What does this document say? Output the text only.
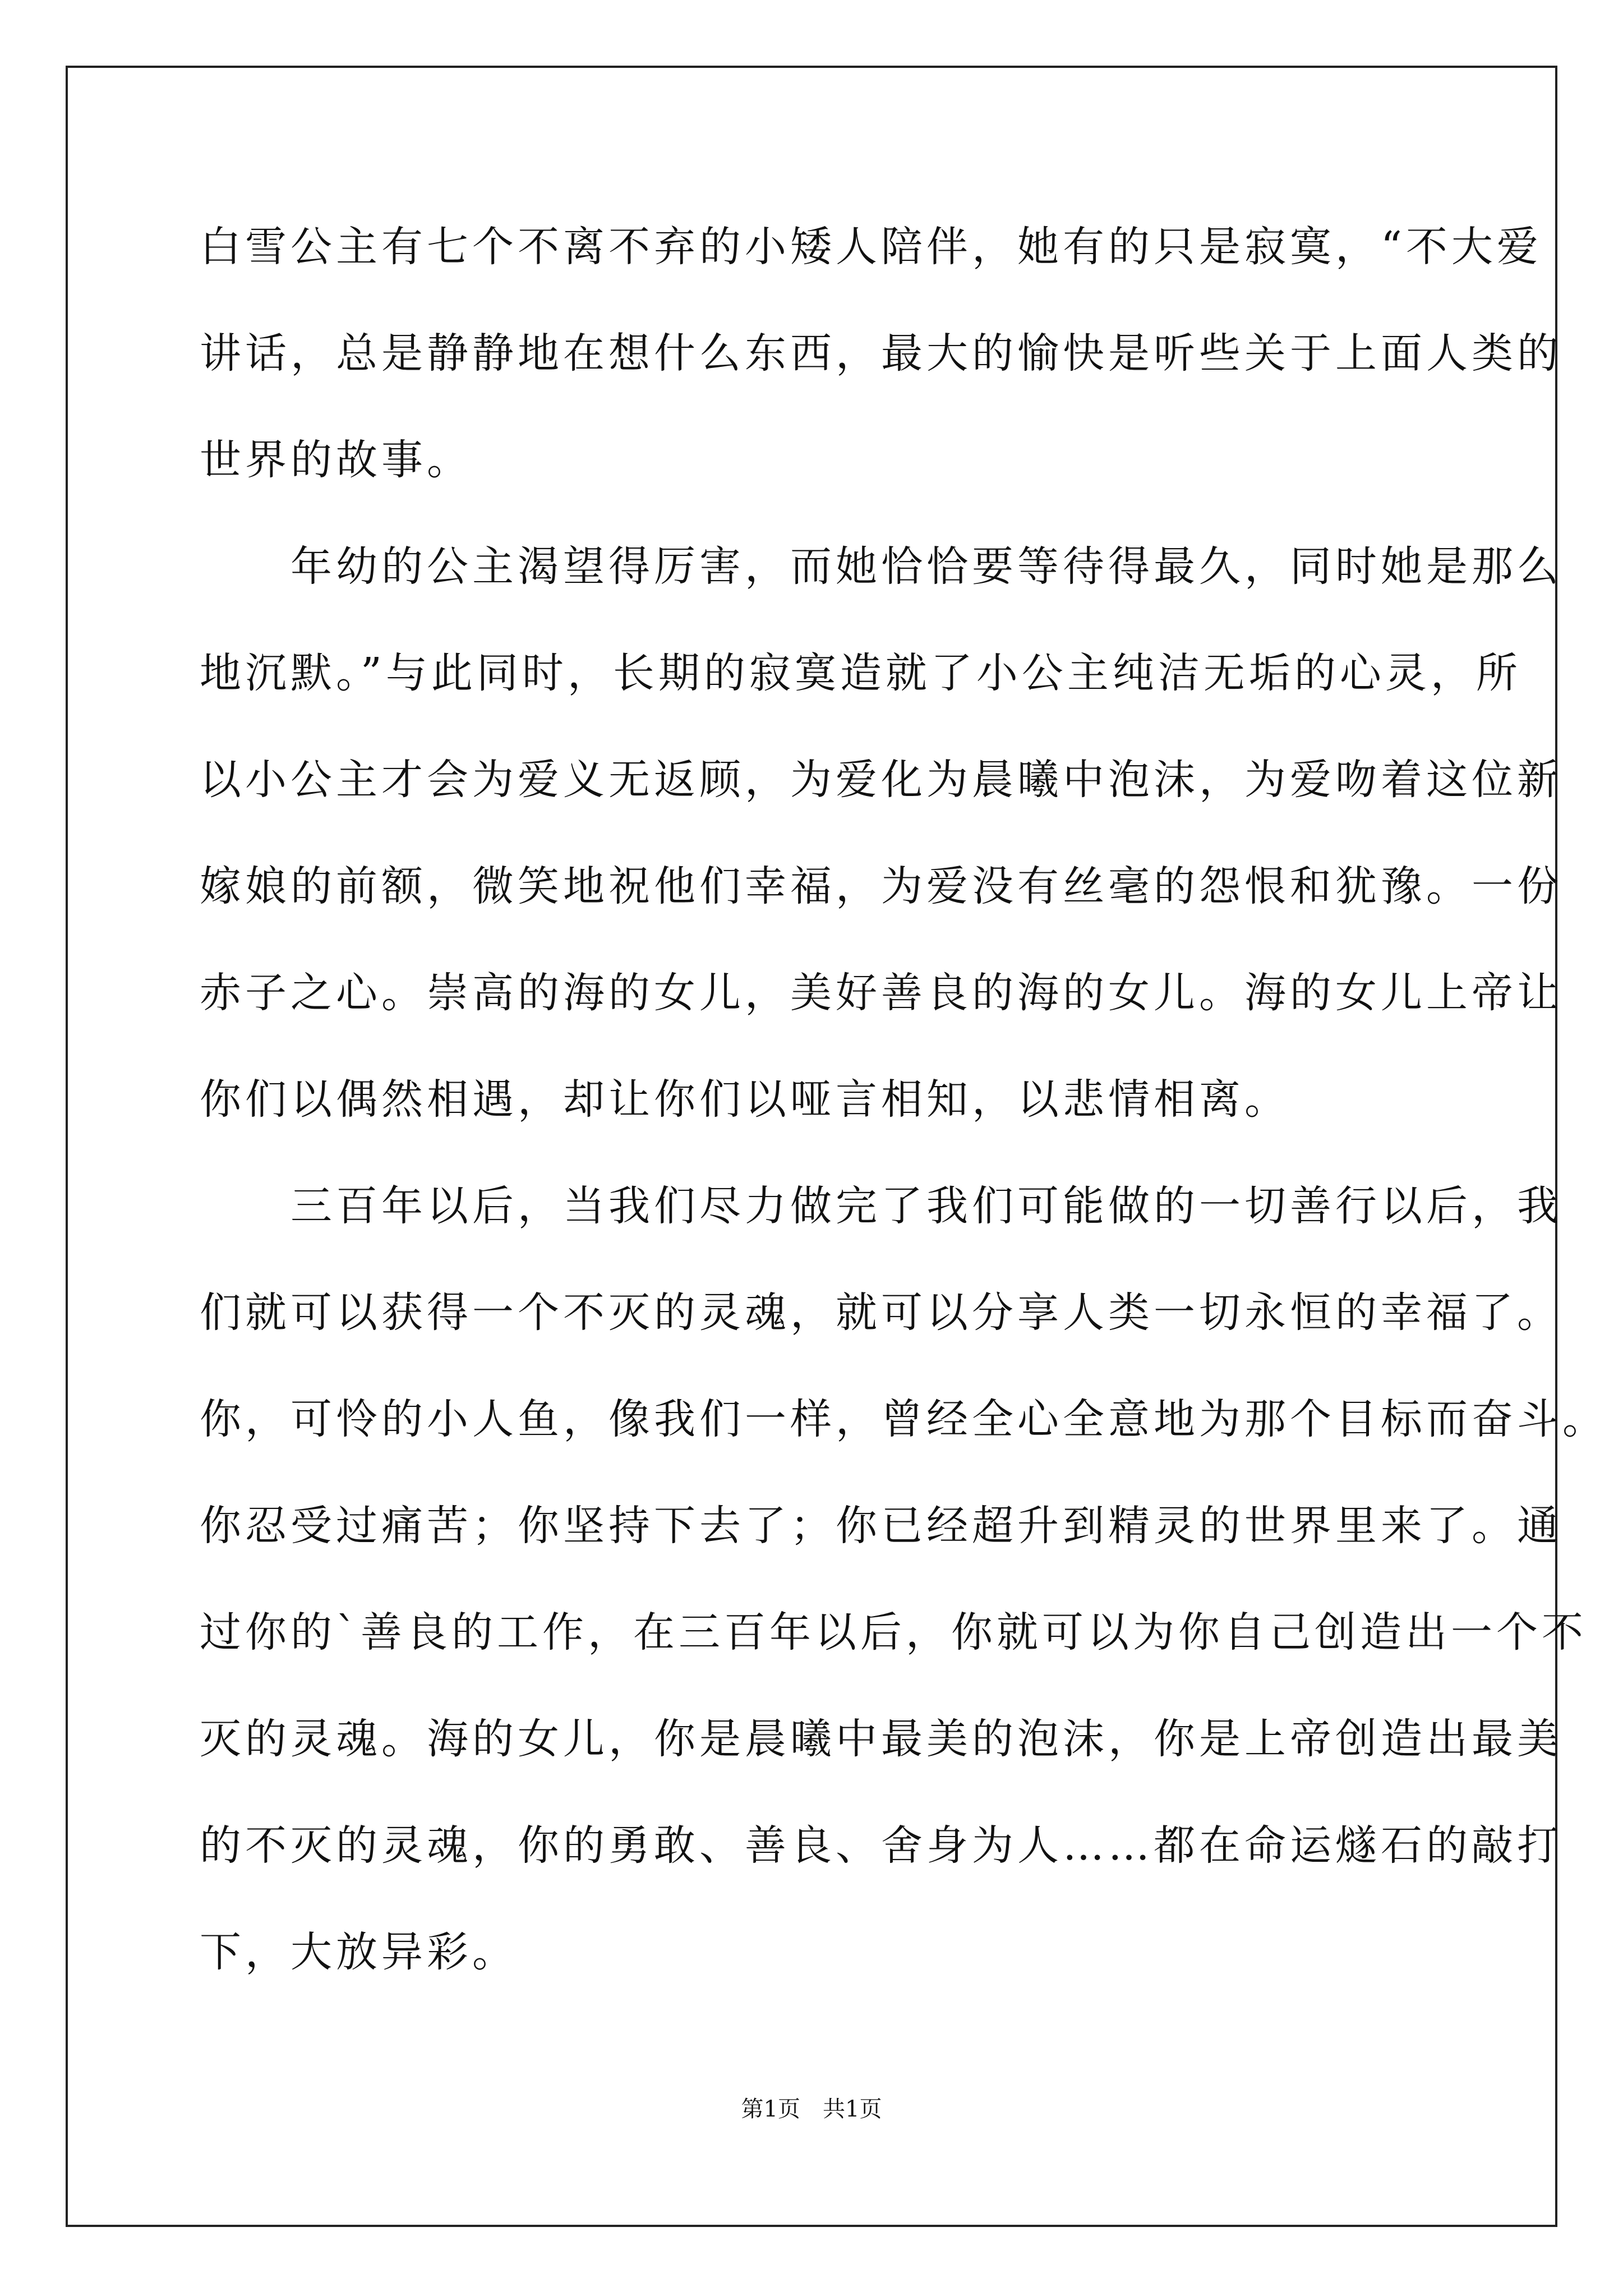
白雪公主有七个不离不弃的小矮人陪伴，她有的只是寂寞，“不大爱
讲话，总是静静地在想什么东西，最大的愉快是听些关于上面人类的
世界的故事。
　　年幼的公主渴望得厉害，而她恰恰要等待得最久，同时她是那么
地沉默。”与此同时，长期的寂寞造就了小公主纯洁无垢的心灵，所
以小公主才会为爱义无返顾，为爱化为晨曦中泡沫，为爱吻着这位新
嫁娘的前额，微笑地祝他们幸福，为爱没有丝毫的怨恨和犹豫。一份
赤子之心。崇高的海的女儿，美好善良的海的女儿。海的女儿上帝让
你们以偶然相遇，却让你们以哑言相知，以悲情相离。
　　三百年以后，当我们尽力做完了我们可能做的一切善行以后，我
们就可以获得一个不灭的灵魂，就可以分享人类一切永恒的幸福了。
你，可怜的小人鱼，像我们一样，曾经全心全意地为那个目标而奋斗。
你忍受过痛苦；你坚持下去了；你已经超升到精灵的世界里来了。通
过你的`善良的工作，在三百年以后，你就可以为你自己创造出一个不
灭的灵魂。海的女儿，你是晨曦中最美的泡沫，你是上帝创造出最美
的不灭的灵魂，你的勇敢、善良、舍身为人……都在命运燧石的敲打
下，大放异彩。
第1页　共1页
